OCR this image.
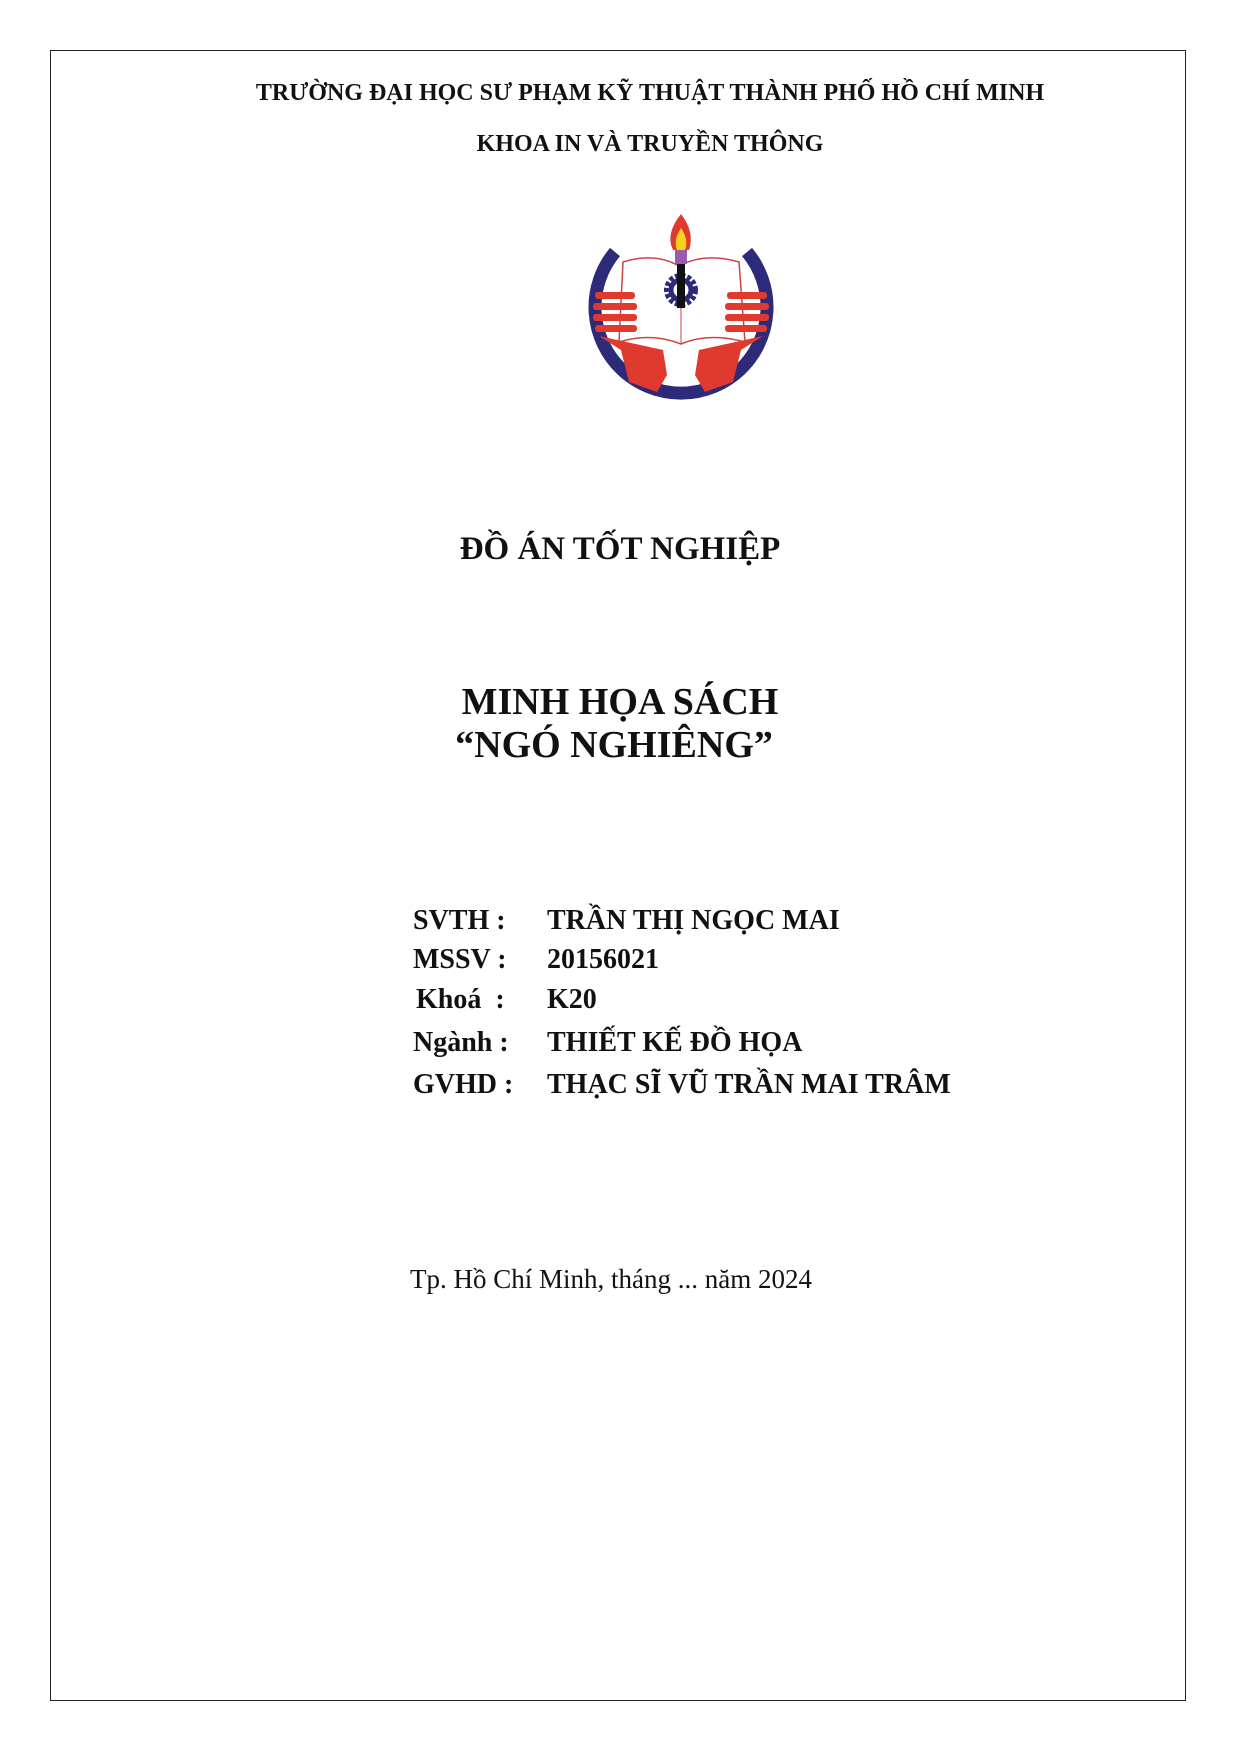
TRƯỜNG ĐẠI HỌC SƯ PHẠM KỸ THUẬT THÀNH PHỐ HỒ CHÍ MINH
KHOA IN VÀ TRUYỀN THÔNG
ĐỒ ÁN TỐT NGHIỆP
MINH HỌA SÁCH
“NGÓ NGHIÊNG”
SVTH : TRẦN THỊ NGỌC MAI
MSSV : 20156021
Khoá  : K20
Ngành : THIẾT KẾ ĐỒ HỌA
GVHD : THẠC SĨ VŨ TRẦN MAI TRÂM
Tp. Hồ Chí Minh, tháng ... năm 2024
